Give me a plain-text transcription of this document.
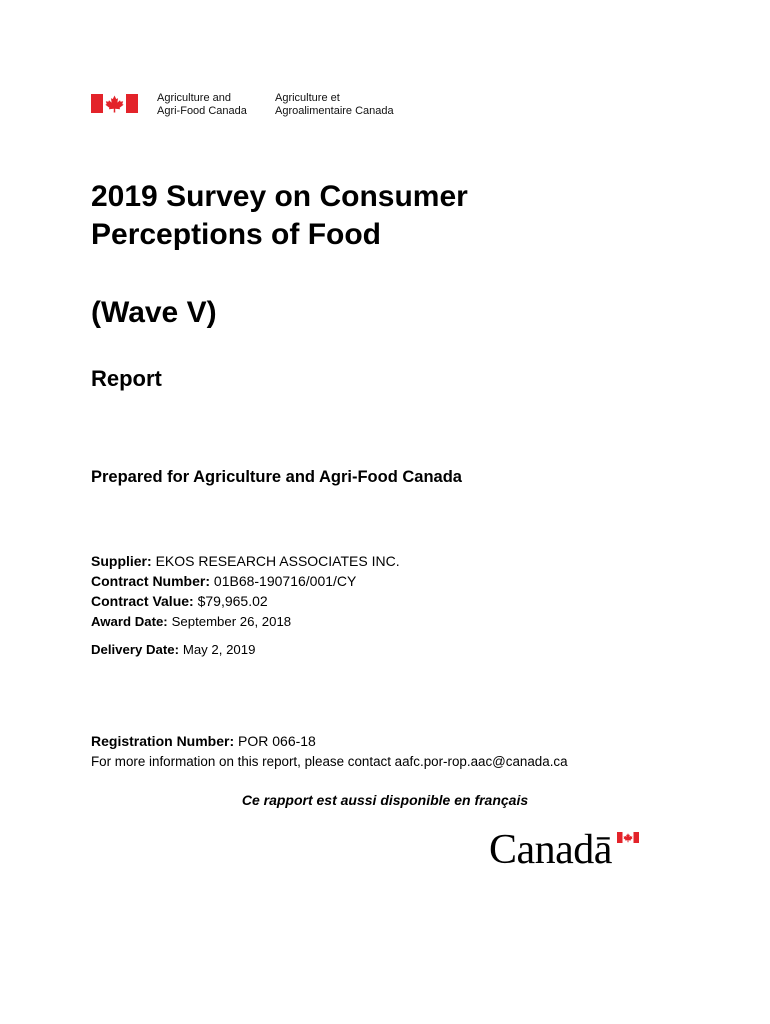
Agriculture and
Agri-Food Canada
Agriculture et
Agroalimentaire Canada
2019 Survey on Consumer
Perceptions of Food
(Wave V)
Report
Prepared for Agriculture and Agri-Food Canada
Supplier: EKOS RESEARCH ASSOCIATES INC.
Contract Number: 01B68-190716/001/CY
Contract Value: $79,965.02
Award Date: September 26, 2018
Delivery Date: May 2, 2019
Registration Number: POR 066-18
For more information on this report, please contact aafc.por-rop.aac@canada.ca
Ce rapport est aussi disponible en français
Canadā
